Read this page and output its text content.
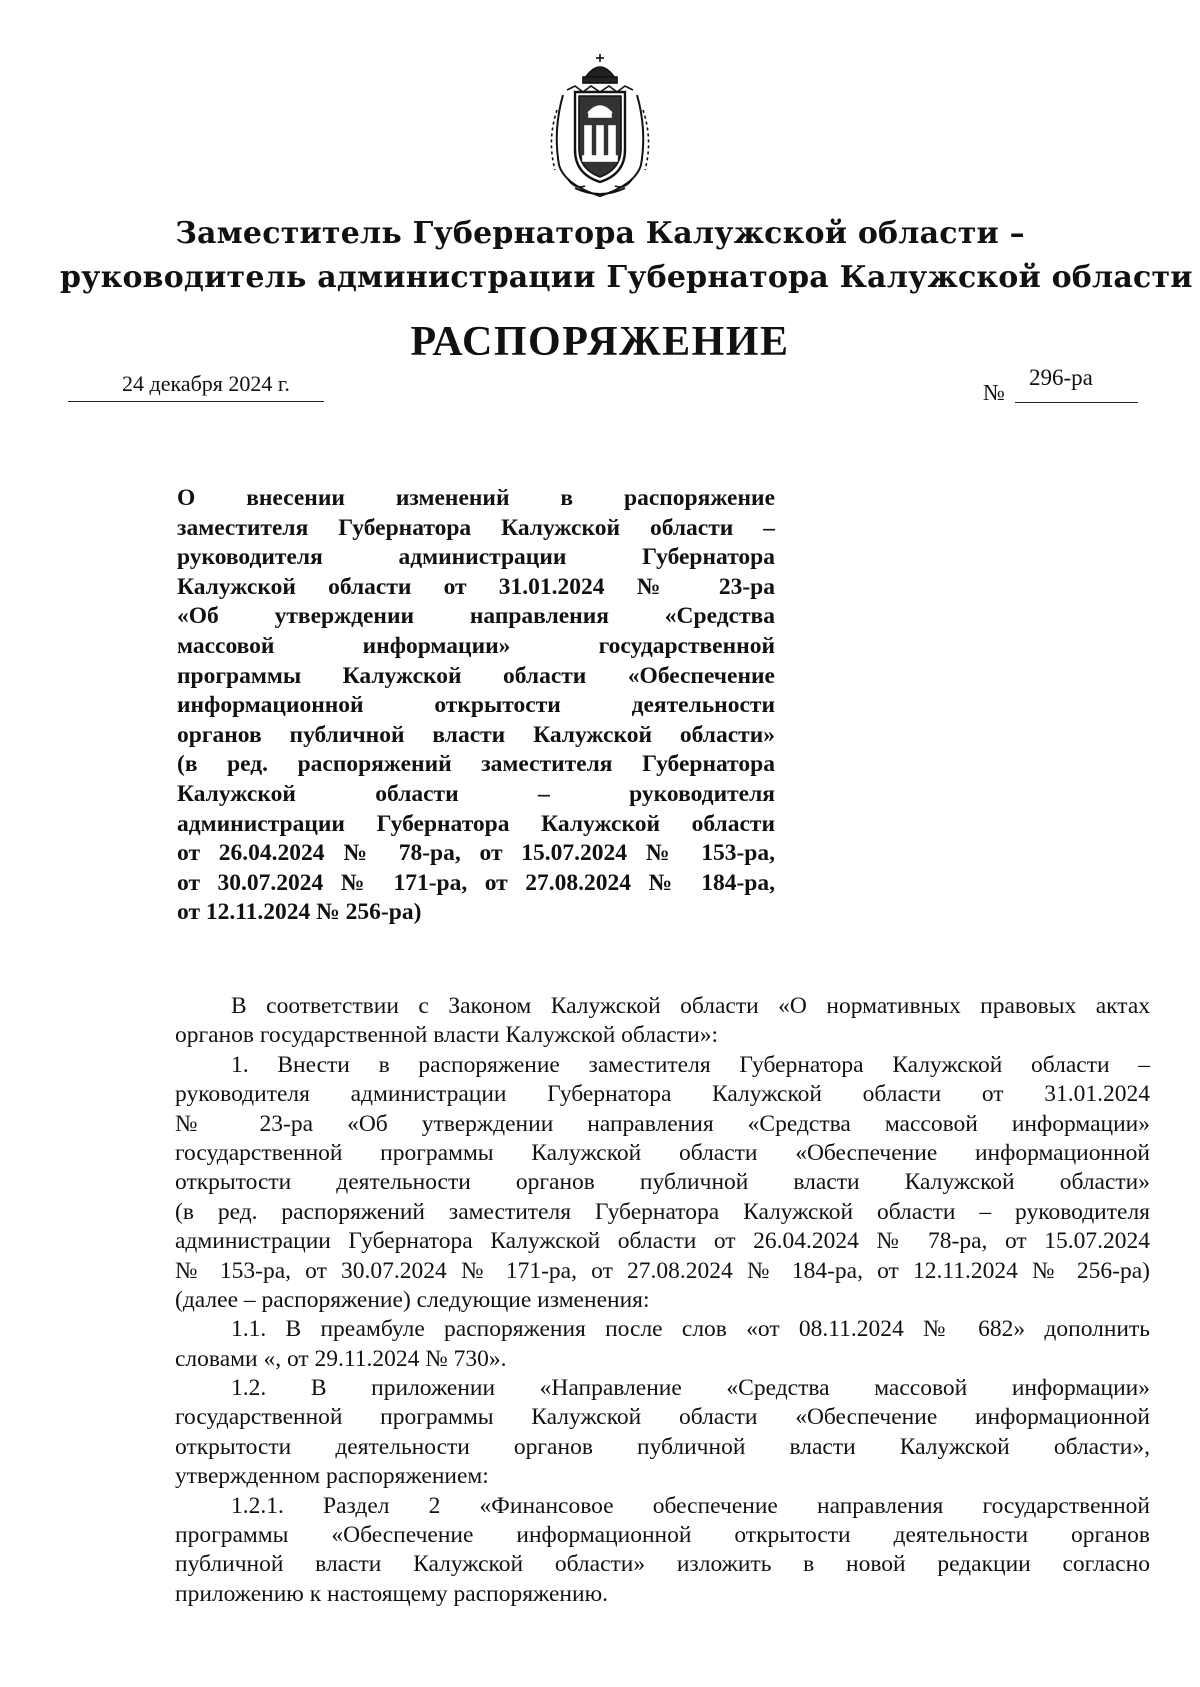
Заместитель Губернатора Калужской области –
руководитель администрации Губернатора Калужской области
РАСПОРЯЖЕНИЕ
24 декабря 2024 г.	№
296-ра
О внесении изменений в распоряжение
заместителя Губернатора Калужской области –
руководителя администрации Губернатора
Калужской области от 31.01.2024 № 23-ра
«Об утверждении направления «Средства
массовой информации» государственной
программы Калужской области «Обеспечение
информационной открытости деятельности
органов публичной власти Калужской области»
(в ред. распоряжений заместителя Губернатора
Калужской области – руководителя
администрации Губернатора Калужской области
от 26.04.2024 № 78-ра, от 15.07.2024 № 153-ра,
от 30.07.2024 № 171-ра, от 27.08.2024 № 184-ра,
от 12.11.2024 № 256-ра)
В соответствии с Законом Калужской области «О нормативных правовых актах
органов государственной власти Калужской области»:
1. Внести в распоряжение заместителя Губернатора Калужской области –
руководителя администрации Губернатора Калужской области от 31.01.2024
№ 23-ра «Об утверждении направления «Средства массовой информации»
государственной программы Калужской области «Обеспечение информационной
открытости деятельности органов публичной власти Калужской области»
(в ред. распоряжений заместителя Губернатора Калужской области – руководителя
администрации Губернатора Калужской области от 26.04.2024 № 78-ра, от 15.07.2024
№ 153-ра, от 30.07.2024 № 171-ра, от 27.08.2024 № 184-ра, от 12.11.2024 № 256-ра)
(далее – распоряжение) следующие изменения:
1.1. В преамбуле распоряжения после слов «от 08.11.2024 № 682» дополнить
словами «, от 29.11.2024 № 730».
1.2. В приложении «Направление «Средства массовой информации»
государственной программы Калужской области «Обеспечение информационной
открытости деятельности органов публичной власти Калужской области»,
утвержденном распоряжением:
1.2.1. Раздел 2 «Финансовое обеспечение направления государственной
программы «Обеспечение информационной открытости деятельности органов
публичной власти Калужской области» изложить в новой редакции согласно
приложению к настоящему распоряжению.
